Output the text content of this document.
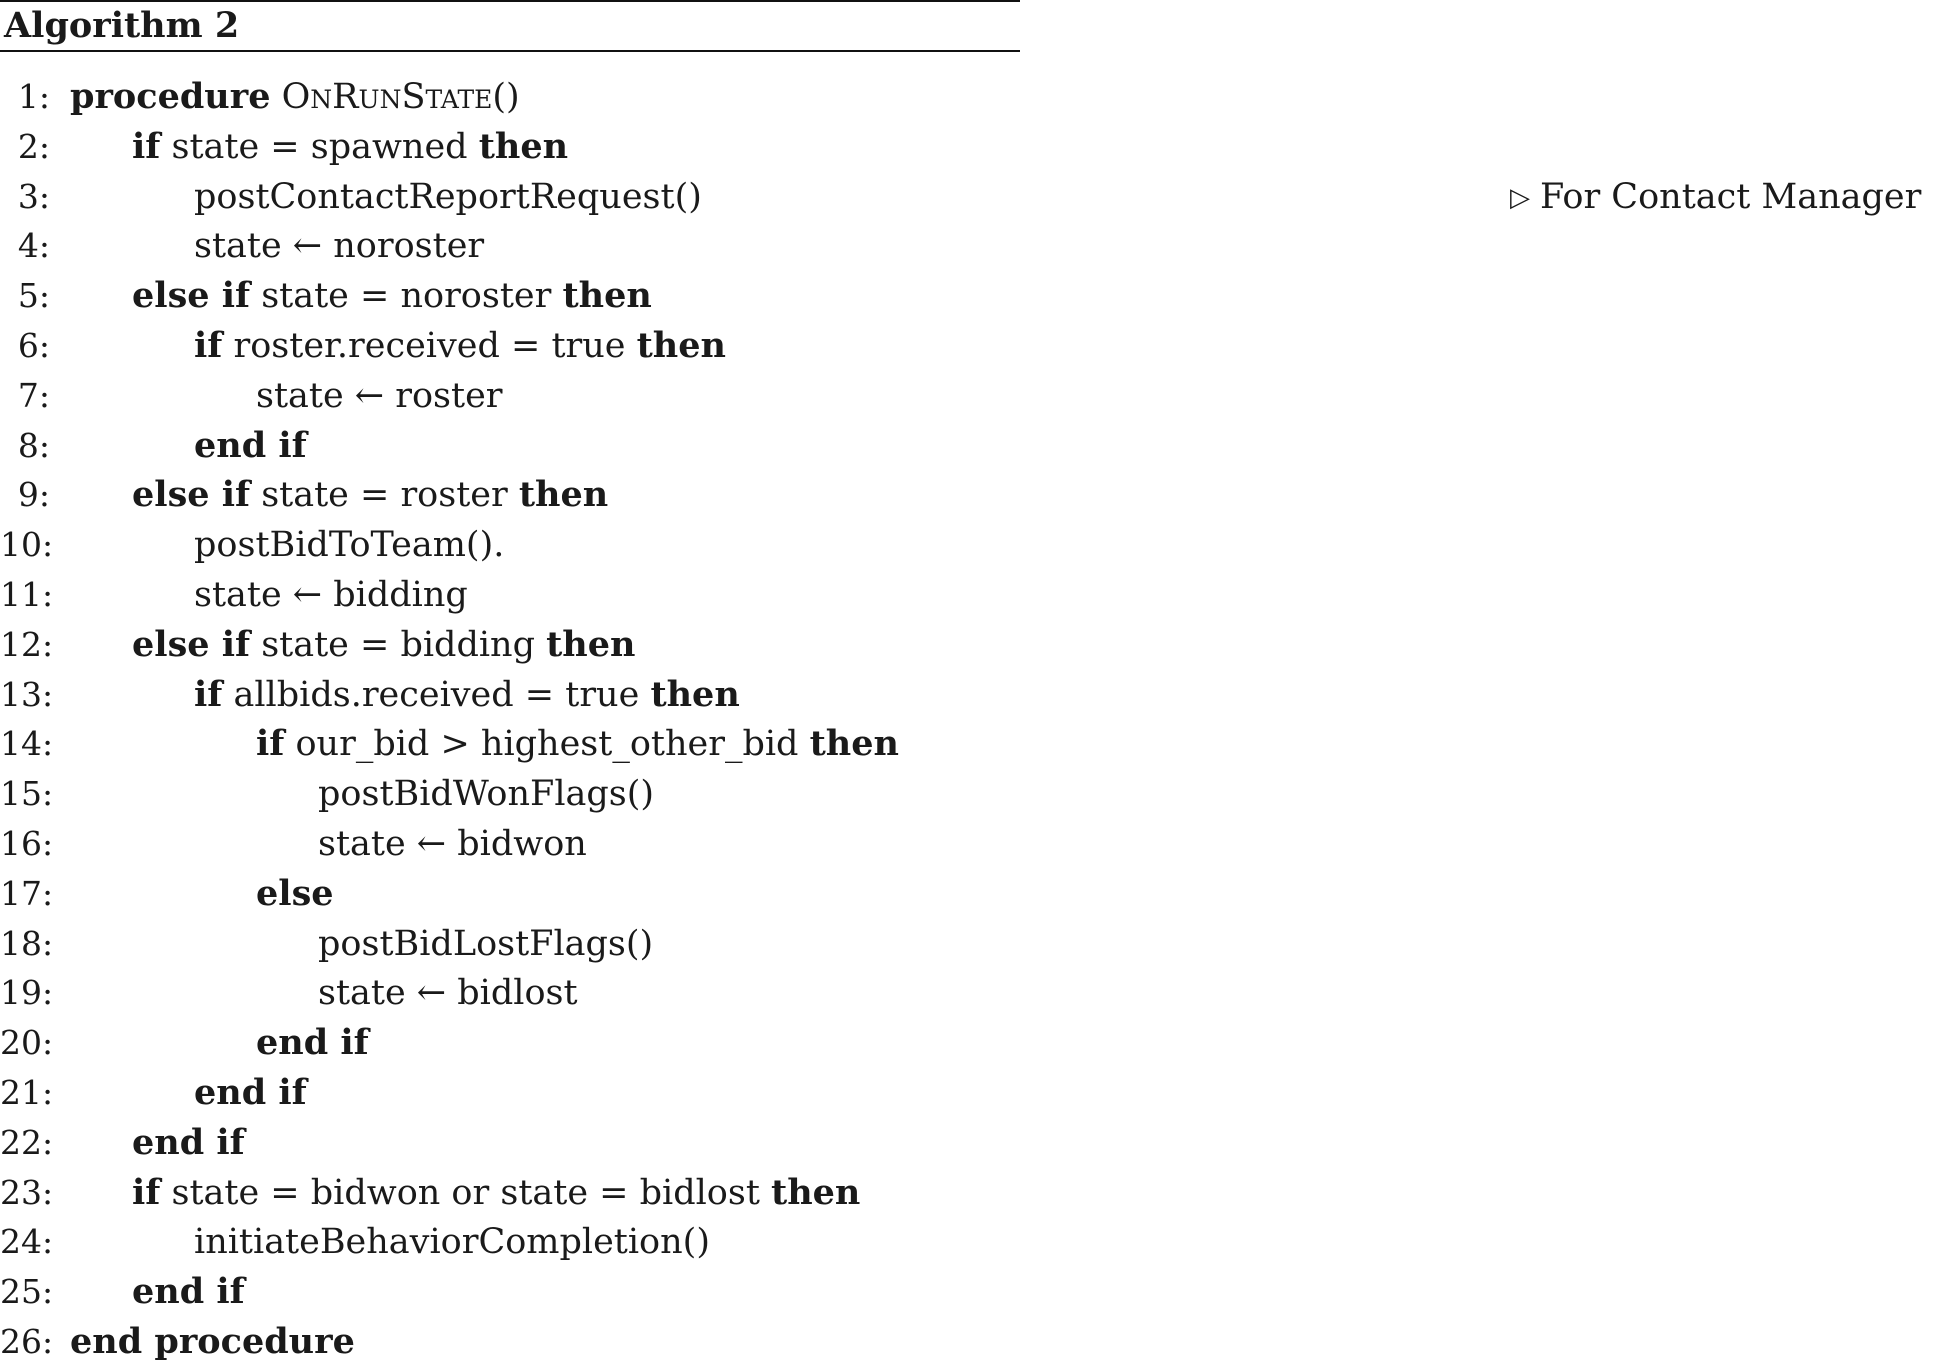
Algorithm 2
1: procedure OnRunState()
2: if state = spawned then
3:	postContactReportRequest()	▷ For Contact Manager
4:	state ← noroster
5: else if state = noroster then
6:	if roster.received = true then
7:	state ← roster
8:	end if
9: else if state = roster then
10:	postBidToTeam().
11:	state ← bidding
12: else if state = bidding then
13:	if allbids.received = true then
14:	if our_bid > highest_other_bid then
15:	postBidWonFlags()
16:	state ← bidwon
17:	else
18:	postBidLostFlags()
19:	state ← bidlost
20:	end if
21:	end if
22: end if
23: if state = bidwon or state = bidlost then
24:	initiateBehaviorCompletion()
25: end if
26: end procedure
